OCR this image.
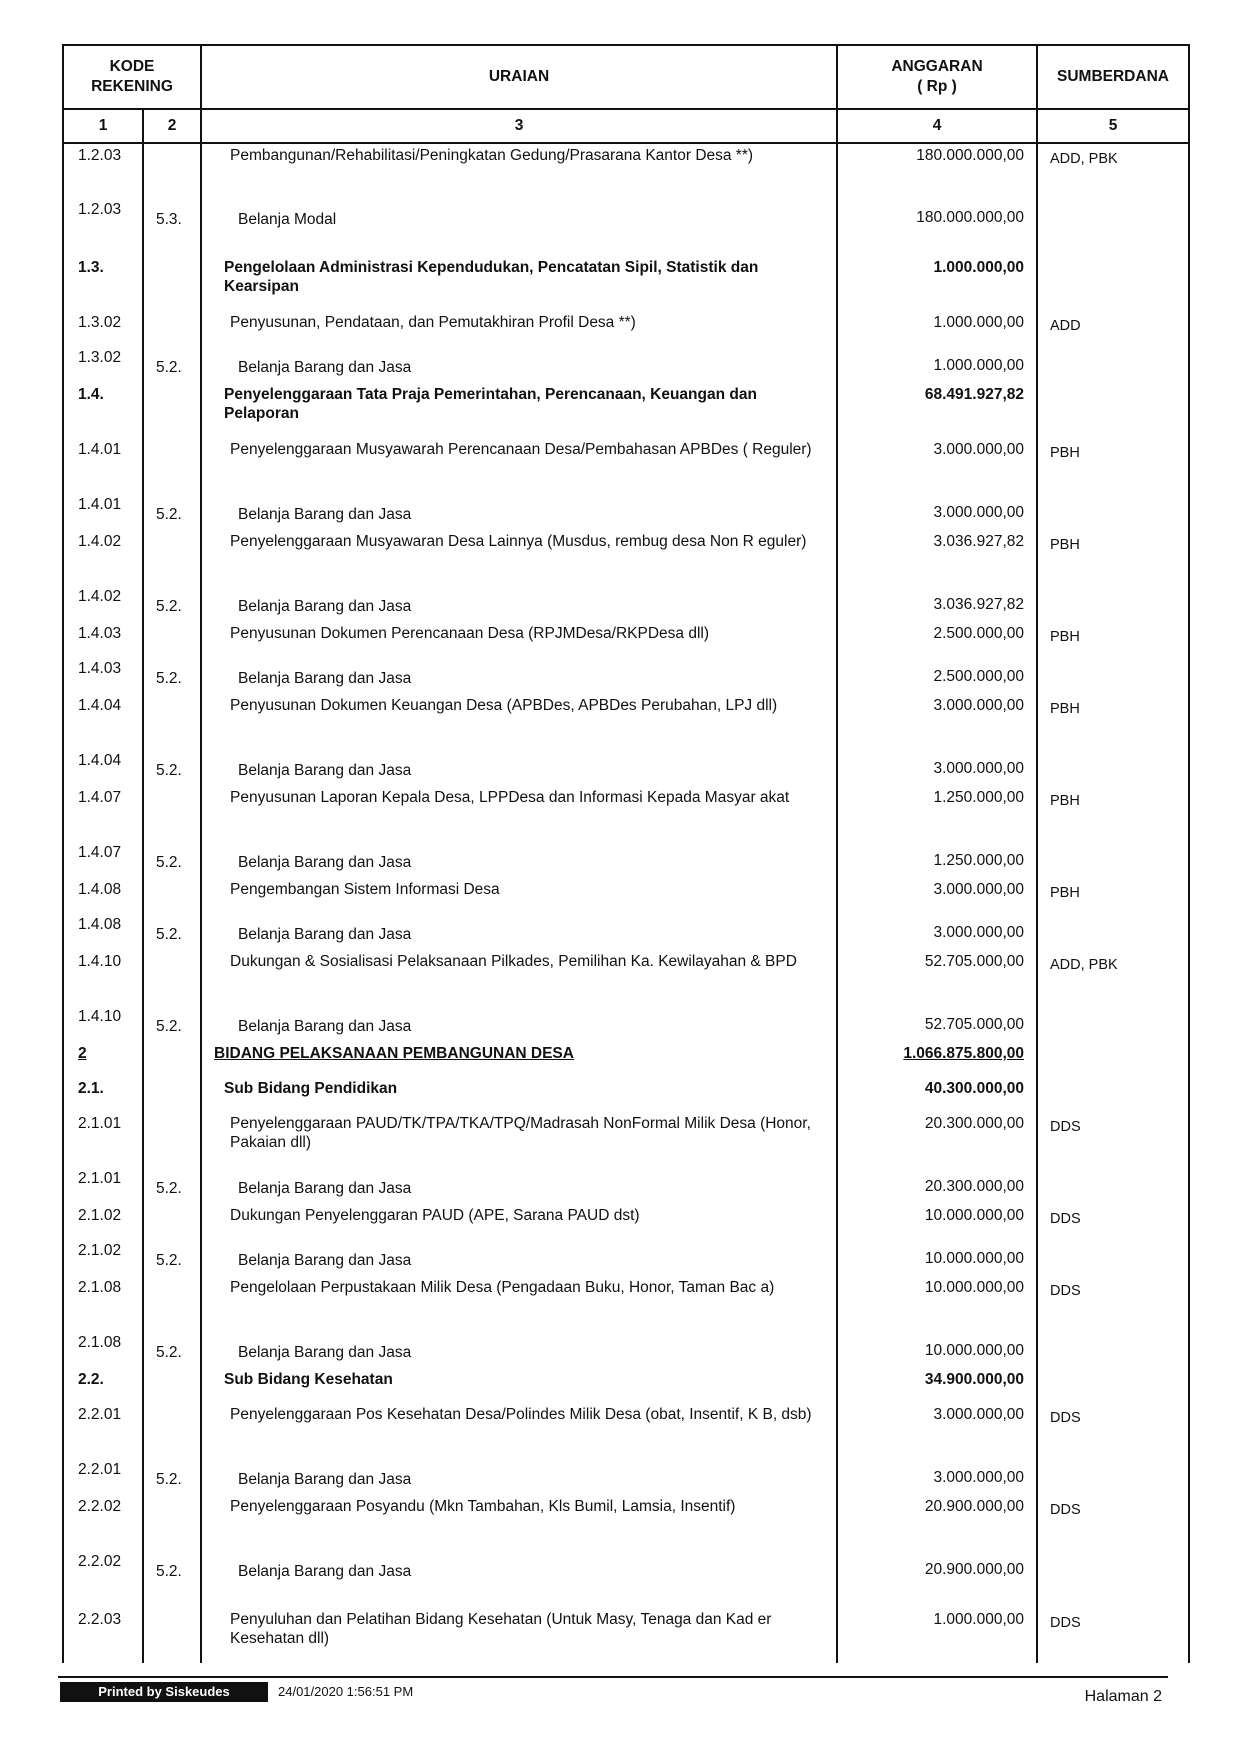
KODE REKENING		URAIAN	ANGGARAN
( Rp )	SUMBERDANA
1	2	3	4	5
1.2.03		Pembangunan/Rehabilitasi/Peningkatan Gedung/Prasarana Kantor Desa **)	180.000.000,00	ADD, PBK
1.2.03	5.3.	Belanja Modal	180.000.000,00	
1.3.		Pengelolaan Administrasi Kependudukan, Pencatatan Sipil, Statistik dan Kearsipan	1.000.000,00	
1.3.02		Penyusunan, Pendataan, dan Pemutakhiran Profil Desa **)	1.000.000,00	ADD
1.3.02	5.2.	Belanja Barang dan Jasa	1.000.000,00	
1.4.		Penyelenggaraan Tata Praja Pemerintahan, Perencanaan, Keuangan dan Pelaporan	68.491.927,82	
1.4.01		Penyelenggaraan Musyawarah Perencanaan Desa/Pembahasan APBDes ( Reguler)	3.000.000,00	PBH
1.4.01	5.2.	Belanja Barang dan Jasa	3.000.000,00	
1.4.02		Penyelenggaraan Musyawaran Desa Lainnya (Musdus, rembug desa Non R eguler)	3.036.927,82	PBH
1.4.02	5.2.	Belanja Barang dan Jasa	3.036.927,82	
1.4.03		Penyusunan Dokumen Perencanaan Desa (RPJMDesa/RKPDesa dll)	2.500.000,00	PBH
1.4.03	5.2.	Belanja Barang dan Jasa	2.500.000,00	
1.4.04		Penyusunan Dokumen Keuangan Desa (APBDes, APBDes Perubahan, LPJ dll)	3.000.000,00	PBH
1.4.04	5.2.	Belanja Barang dan Jasa	3.000.000,00	
1.4.07		Penyusunan Laporan Kepala Desa, LPPDesa dan Informasi Kepada Masyar akat	1.250.000,00	PBH
1.4.07	5.2.	Belanja Barang dan Jasa	1.250.000,00	
1.4.08		Pengembangan Sistem Informasi Desa	3.000.000,00	PBH
1.4.08	5.2.	Belanja Barang dan Jasa	3.000.000,00	
1.4.10		Dukungan & Sosialisasi Pelaksanaan Pilkades, Pemilihan Ka. Kewilayahan & BPD	52.705.000,00	ADD, PBK
1.4.10	5.2.	Belanja Barang dan Jasa	52.705.000,00	
2		BIDANG PELAKSANAAN PEMBANGUNAN DESA	1.066.875.800,00	
2.1.		Sub Bidang Pendidikan	40.300.000,00	
2.1.01		Penyelenggaraan PAUD/TK/TPA/TKA/TPQ/Madrasah NonFormal Milik Desa (Honor, Pakaian dll)	20.300.000,00	DDS
2.1.01	5.2.	Belanja Barang dan Jasa	20.300.000,00	
2.1.02		Dukungan Penyelenggaran PAUD (APE, Sarana PAUD dst)	10.000.000,00	DDS
2.1.02	5.2.	Belanja Barang dan Jasa	10.000.000,00	
2.1.08		Pengelolaan Perpustakaan Milik Desa (Pengadaan Buku, Honor, Taman Bac a)	10.000.000,00	DDS
2.1.08	5.2.	Belanja Barang dan Jasa	10.000.000,00	
2.2.		Sub Bidang Kesehatan	34.900.000,00	
2.2.01		Penyelenggaraan Pos Kesehatan Desa/Polindes Milik Desa (obat, Insentif, K B, dsb)	3.000.000,00	DDS
2.2.01	5.2.	Belanja Barang dan Jasa	3.000.000,00	
2.2.02		Penyelenggaraan Posyandu (Mkn Tambahan, Kls Bumil, Lamsia, Insentif)	20.900.000,00	DDS
2.2.02	5.2.	Belanja Barang dan Jasa	20.900.000,00	
2.2.03		Penyuluhan dan Pelatihan Bidang Kesehatan (Untuk Masy, Tenaga dan Kad er Kesehatan dll)	1.000.000,00	DDS
Printed by Siskeudes	24/01/2020 1:56:51 PM	Halaman 2
